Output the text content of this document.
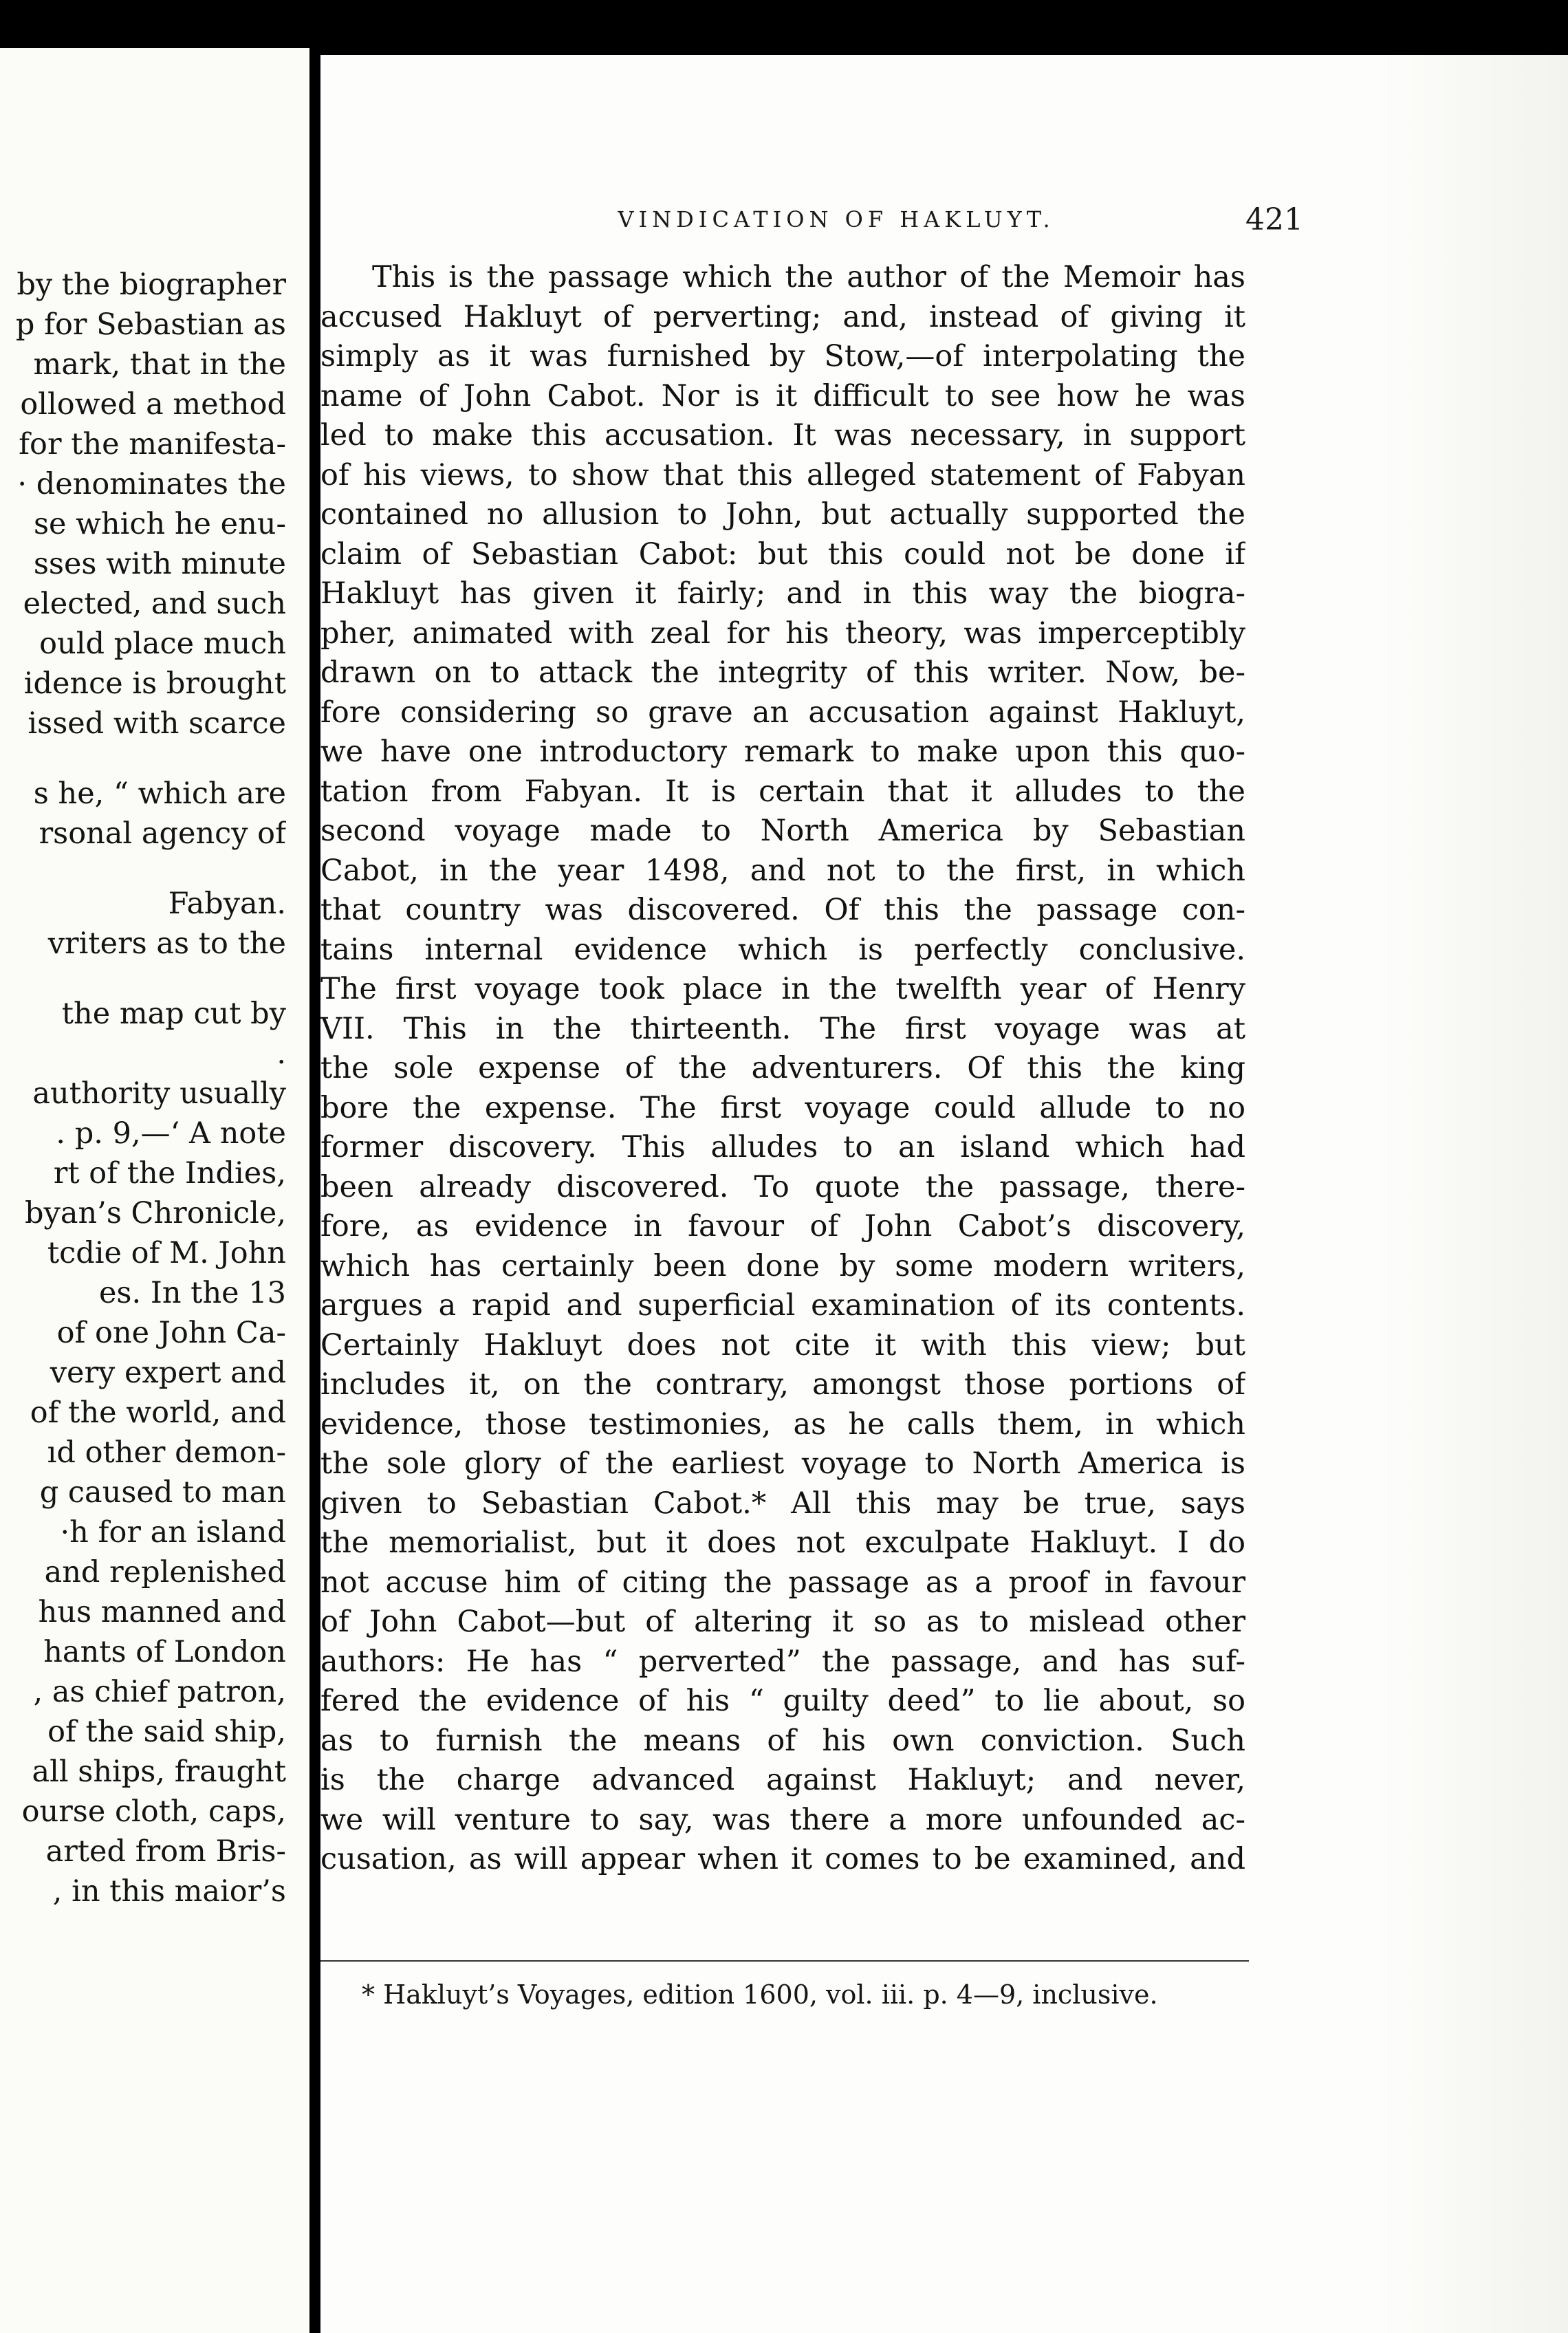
by the biographer
p for Sebastian as
mark, that in the
ollowed a method
for the manifesta-
· denominates the
se which he enu-
sses with minute
elected, and such
ould place much
idence is brought
issed with scarce
s he, “ which are
rsonal agency of
Fabyan.
vriters as to the
the map cut by
.
authority usually
. p. 9,—‘ A note
rt of the Indies,
byan’s Chronicle,
tcdie of M. John
es. In the 13
of one John Ca-
very expert and
of the world, and
ıd other demon-
g caused to man
·h for an island
and replenished
hus manned and
hants of London
, as chief patron,
of the said ship,
all ships, fraught
ourse cloth, caps,
arted from Bris-
, in this maior’s
VINDICATION OF HAKLUYT.	421
This is the passage which the author of the Memoir has
accused Hakluyt of perverting; and, instead of giving it
simply as it was furnished by Stow,—of interpolating the
name of John Cabot. Nor is it difficult to see how he was
led to make this accusation. It was necessary, in support
of his views, to show that this alleged statement of Fabyan
contained no allusion to John, but actually supported the
claim of Sebastian Cabot: but this could not be done if
Hakluyt has given it fairly; and in this way the biogra-
pher, animated with zeal for his theory, was imperceptibly
drawn on to attack the integrity of this writer. Now, be-
fore considering so grave an accusation against Hakluyt,
we have one introductory remark to make upon this quo-
tation from Fabyan. It is certain that it alludes to the
second voyage made to North America by Sebastian
Cabot, in the year 1498, and not to the first, in which
that country was discovered. Of this the passage con-
tains internal evidence which is perfectly conclusive.
The first voyage took place in the twelfth year of Henry
VII. This in the thirteenth. The first voyage was at
the sole expense of the adventurers. Of this the king
bore the expense. The first voyage could allude to no
former discovery. This alludes to an island which had
been already discovered. To quote the passage, there-
fore, as evidence in favour of John Cabot’s discovery,
which has certainly been done by some modern writers,
argues a rapid and superficial examination of its contents.
Certainly Hakluyt does not cite it with this view; but
includes it, on the contrary, amongst those portions of
evidence, those testimonies, as he calls them, in which
the sole glory of the earliest voyage to North America is
given to Sebastian Cabot.* All this may be true, says
the memorialist, but it does not exculpate Hakluyt. I do
not accuse him of citing the passage as a proof in favour
of John Cabot—but of altering it so as to mislead other
authors: He has “ perverted” the passage, and has suf-
fered the evidence of his “ guilty deed” to lie about, so
as to furnish the means of his own conviction. Such
is the charge advanced against Hakluyt; and never,
we will venture to say, was there a more unfounded ac-
cusation, as will appear when it comes to be examined, and
* Hakluyt’s Voyages, edition 1600, vol. iii. p. 4—9, inclusive.
